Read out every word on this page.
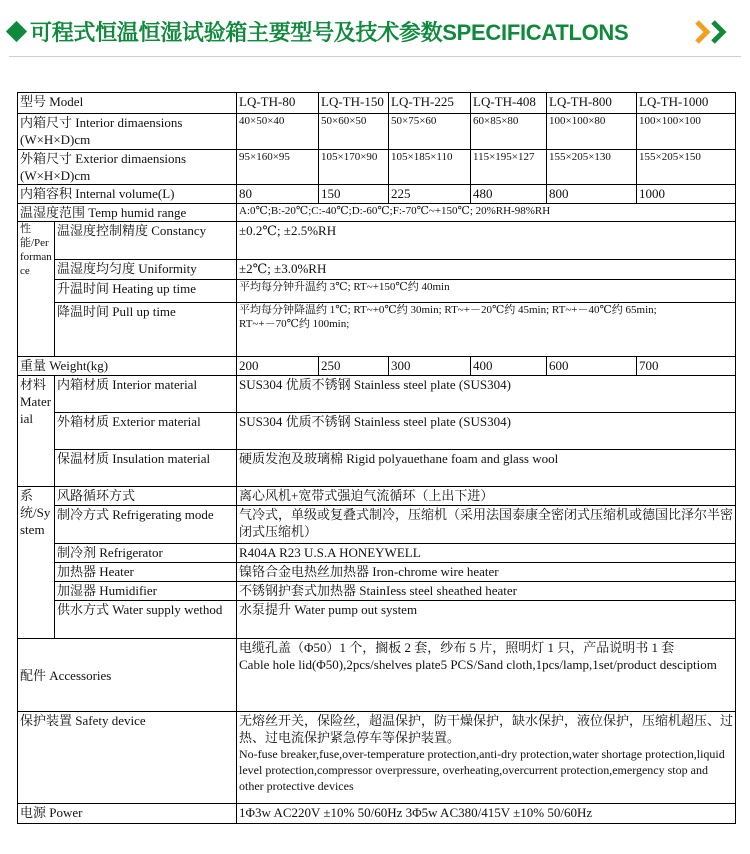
可程式恒温恒湿试验箱主要型号及技术参数SPECIFICATLONS
型号 Model		LQ-TH-80	LQ-TH-150	LQ-TH-225	LQ-TH-408	LQ-TH-800	LQ-TH-1000
内箱尺寸 Interior dimaensions (W×H×D)cm		40×50×40	50×60×50	50×75×60	60×85×80	100×100×80	100×100×100
外箱尺寸 Exterior dimaensions (W×H×D)cm		95×160×95	105×170×90	105×185×110	115×195×127	155×205×130	155×205×150
内箱容积 Internal volume(L)		80	150	225	480	800	1000
温湿度范围 Temp humid range		A:0℃;B:-20℃;C:-40℃;D:-60℃;F:-70℃~+150℃; 20%RH-98%RH					
性能/Performance	温湿度控制精度 Constancy	±0.2℃; ±2.5%RH					
	温湿度均匀度 Uniformity	±2℃; ±3.0%RH					
	升温时间 Heating up time	平均每分钟升温约 3℃; RT~+150℃约 40min					
	降温时间 Pull up time	平均每分钟降温约 1℃; RT~+0℃约 30min; RT~+－20℃约 45min; RT~+－40℃约 65min;
RT~+－70℃约 100min;					

重量 Weight(kg)		200	250	300	400	600	700
材料 Material	内箱材质 Interior material	SUS304 优质不锈钢 Stainless steel plate (SUS304)					
	外箱材质 Exterior material	SUS304 优质不锈钢 Stainless steel plate (SUS304)					
	保温材质 Insulation material	硬质发泡及玻璃棉 Rigid polyauethane foam and glass wool					
系统/System	风路循环方式	离心风机+宽带式强迫气流循环（上出下进）					
	制冷方式 Refrigerating mode	气冷式，单级或复叠式制冷，压缩机（采用法国泰康全密闭式压缩机或德国比泽尔半密闭式压缩机）					
	制冷剂 Refrigerator	R404A R23 U.S.A HONEYWELL					
	加热器 Heater	镍铬合金电热丝加热器 Iron-chrome wire heater					
	加湿器 Humidifier	不锈钢护套式加热器 StainIess steel sheathed heater					
	供水方式 Water supply wethod	水泵提升 Water pump out system					
配件 Accessories		电缆孔盖（Φ50）1 个，搁板 2 套，纱布 5 片，照明灯 1 只，产品说明书 1 套
Cable hole lid(Φ50),2pcs/shelves plate5 PCS/Sand cloth,1pcs/lamp,1set/product desciptiom					

保护装置 Safety device		无熔丝开关，保险丝，超温保护，防干燥保护，缺水保护，液位保护，压缩机超压、过热、过电流保护紧急停车等保护装置。
No-fuse breaker,fuse,over-temperature protection,anti-dry protection,water shortage protection,liquid level protection,compressor overpressure, overheating,overcurrent protection,emergency stop and other protective devices					

电源 Power		1Φ3w AC220V ±10% 50/60Hz 3Φ5w AC380/415V ±10% 50/60Hz					
